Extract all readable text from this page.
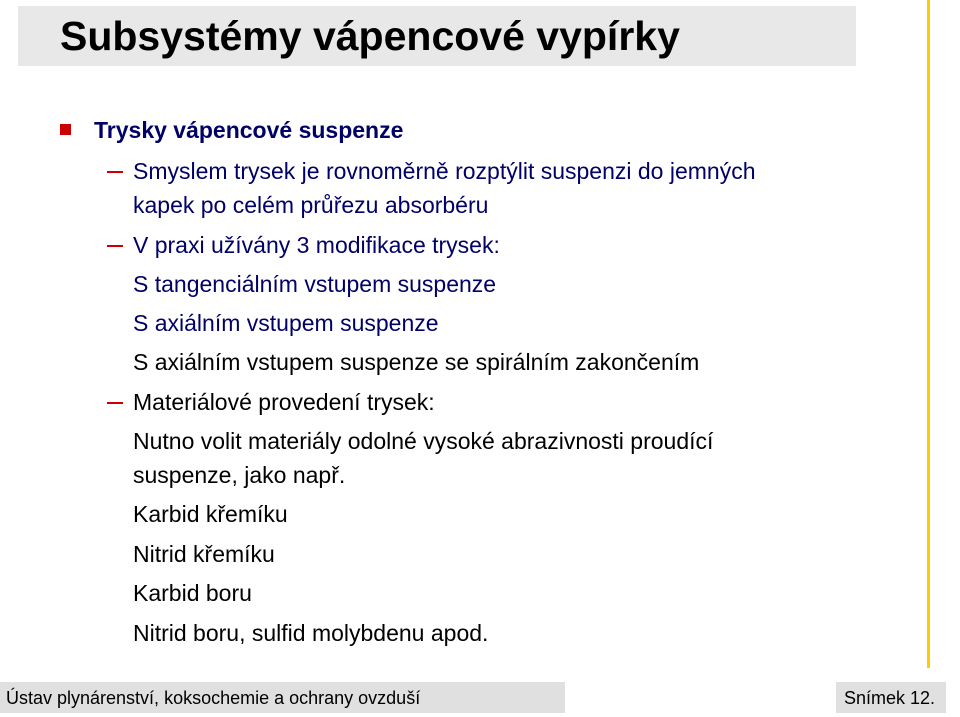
Subsystémy vápencové vypírky
Trysky vápencové suspenze
Smyslem trysek je rovnoměrně rozptýlit suspenzi do jemných
kapek po celém průřezu absorbéru
V praxi užívány 3 modifikace trysek:
S tangenciálním vstupem suspenze
S axiálním vstupem suspenze
S axiálním vstupem suspenze se spirálním zakončením
Materiálové provedení trysek:
Nutno volit materiály odolné vysoké abrazivnosti proudící
suspenze, jako např.
Karbid křemíku
Nitrid křemíku
Karbid boru
Nitrid boru, sulfid molybdenu apod.
Ústav plynárenství, koksochemie a ochrany ovzduší	Snímek 12.
